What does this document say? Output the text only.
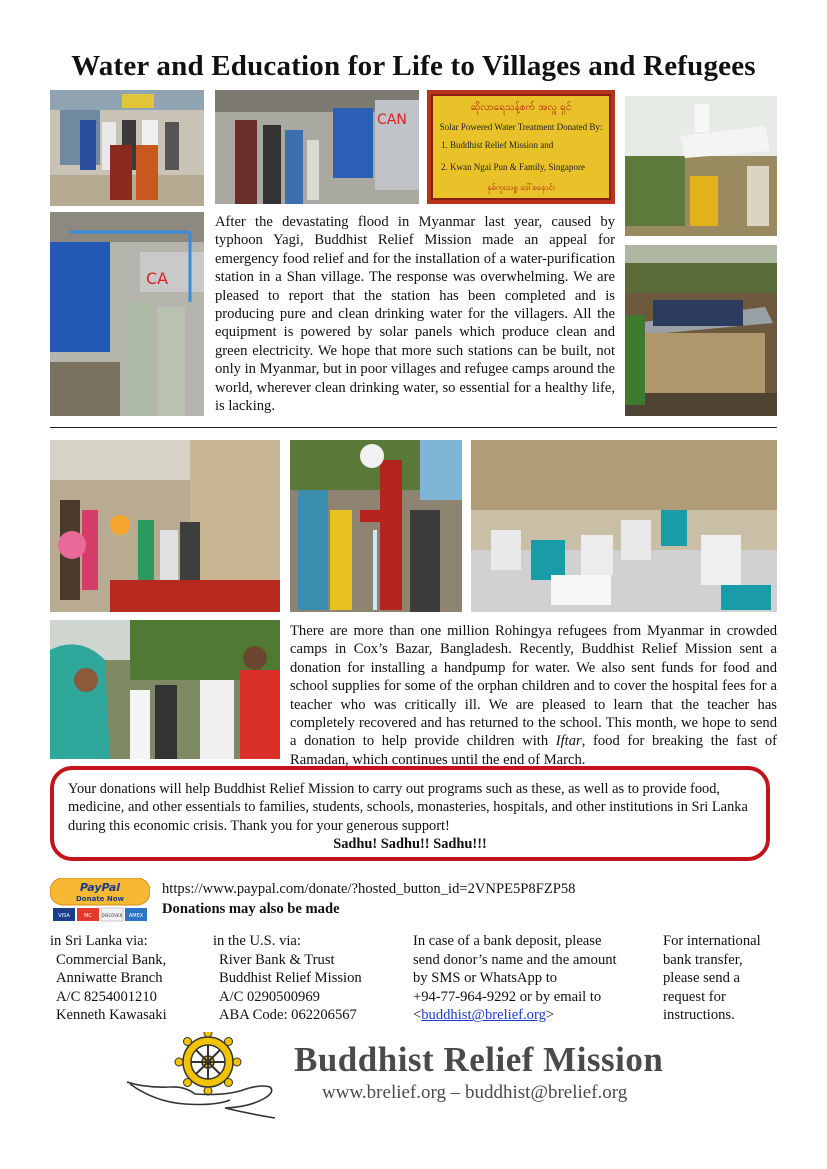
Water and Education for Life to Villages and Refugees
CAN
ဆိုလာရေသန့်စက် အလှူ ရှင်
Solar Powered Water Treatment Donated By:
1. Buddhist Relief Mission and
2. Kwan Ngai Pun & Family, Singapore
နှစ်ကူးသစ္စ ဒေါ်စနောင်း
CA
After the devastating flood in Myanmar last year, caused by typhoon Yagi, Buddhist Relief Mission made an appeal for emergency food relief and for the installation of a water-purification station in a Shan village. The response was overwhelming. We are pleased to report that the station has been completed and is producing pure and clean drinking water for the villagers. All the equipment is powered by solar panels which produce clean and green electricity. We hope that more such stations can be built, not only in Myanmar, but in poor villages and refugee camps around the world, wherever clean drinking water, so essential for a healthy life, is lacking.
There are more than one million Rohingya refugees from Myanmar in crowded camps in Cox’s Bazar, Bangladesh. Recently, Buddhist Relief Mission sent a donation for installing a handpump for water. We also sent funds for food and school supplies for some of the orphan children and to cover the hospital fees for a teacher who was critically ill. We are pleased to learn that the teacher has completely recovered and has returned to the school. This month, we hope to send a donation to help provide children with Iftar, food for breaking the fast of Ramadan, which continues until the end of March.
Your donations will help Buddhist Relief Mission to carry out programs such as these, as well as to provide food, medicine, and other essentials to families, students, schools, monasteries, hospitals, and other institutions in Sri Lanka during this economic crisis. Thank you for your generous support!
Sadhu! Sadhu!! Sadhu!!!
PayPal
Donate Now
VISA	MC DISCOVER AMEX
https://www.paypal.com/donate/?hosted_button_id=2VNPE5P8FZP58
Donations may also be made
in Sri Lanka via:
Commercial Bank,
Anniwatte Branch
A/C 8254001210
Kenneth Kawasaki
in the U.S. via:
River Bank & Trust
Buddhist Relief Mission
A/C 0290500969
ABA Code: 062206567
In case of a bank deposit, please
send donor’s name and the amount
by SMS or WhatsApp to
+94-77-964-9292 or by email to
<buddhist@brelief.org>
For international
bank transfer,
please send a
request for
instructions.
Buddhist Relief Mission
www.brelief.org – buddhist@brelief.org
